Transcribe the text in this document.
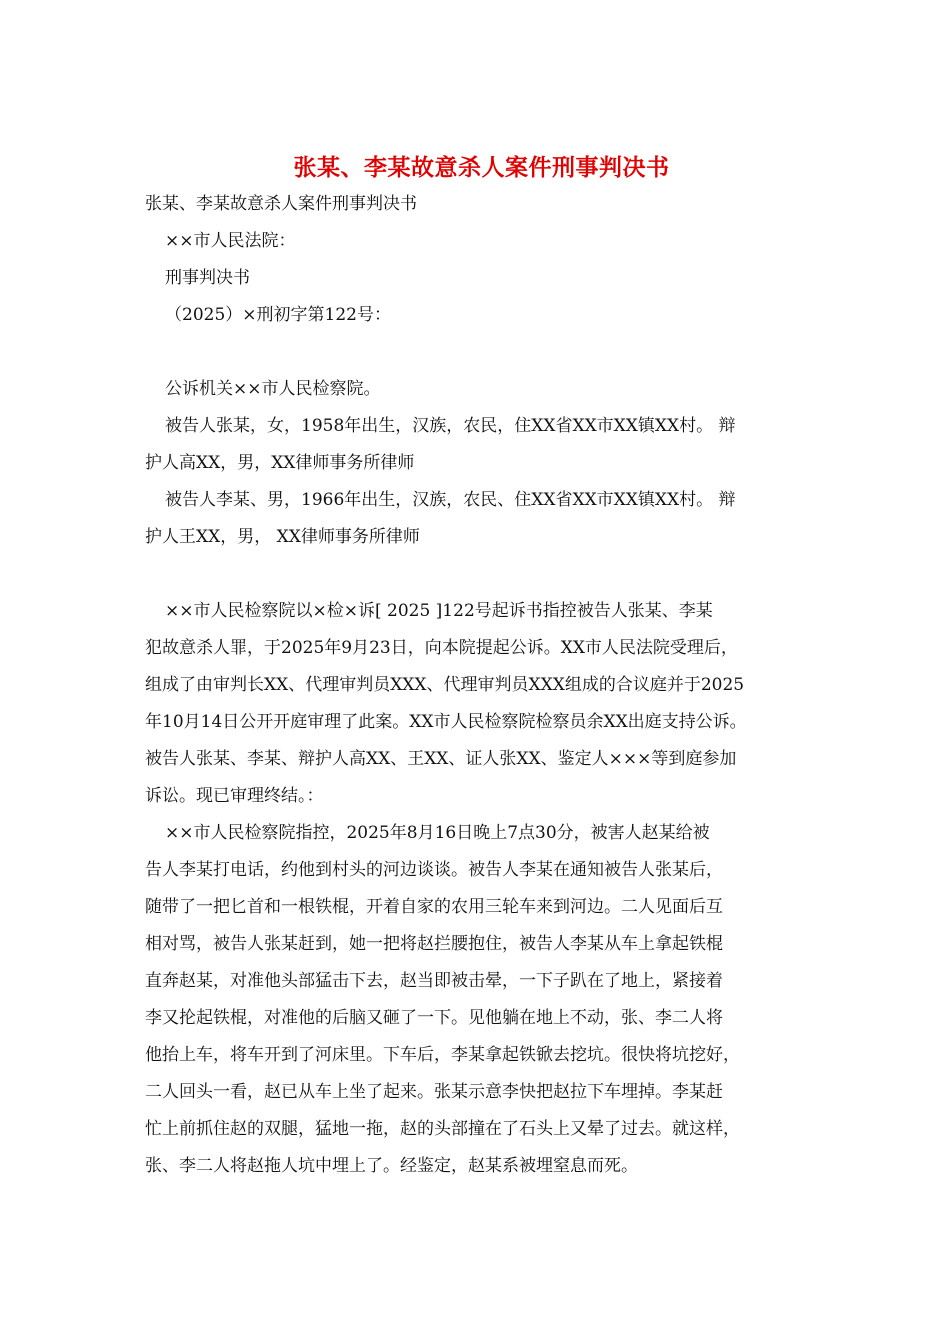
张某、李某故意杀人案件刑事判决书

张某、李某故意杀人案件刑事判决书

××市人民法院：

刑事判决书

（2025）×刑初字第122号：

公诉机关××市人民检察院。

被告人张某，女，1958年出生，汉族，农民，住XX省XX市XX镇XX村。 辩

护人高XX，男，XX律师事务所律师

被告人李某、男，1966年出生，汉族，农民、住XX省XX市XX镇XX村。 辩

护人王XX，男， XX律师事务所律师

××市人民检察院以×检×诉[ 2025 ]122号起诉书指控被告人张某、李某

犯故意杀人罪，于2025年9月23日，向本院提起公诉。XX市人民法院受理后，

组成了由审判长XX、代理审判员XXX、代理审判员XXX组成的合议庭并于2025

年10月14日公开开庭审理了此案。XX市人民检察院检察员余XX出庭支持公诉。

被告人张某、李某、辩护人高XX、王XX、证人张XX、鉴定人×××等到庭参加

诉讼。现已审理终结。：

××市人民检察院指控，2025年8月16日晚上7点30分，被害人赵某给被

告人李某打电话，约他到村头的河边谈谈。被告人李某在通知被告人张某后，

随带了一把匕首和一根铁棍，开着自家的农用三轮车来到河边。二人见面后互

相对骂，被告人张某赶到，她一把将赵拦腰抱住，被告人李某从车上拿起铁棍

直奔赵某，对准他头部猛击下去，赵当即被击晕，一下子趴在了地上，紧接着

李又抡起铁棍，对准他的后脑又砸了一下。见他躺在地上不动，张、李二人将

他抬上车，将车开到了河床里。下车后，李某拿起铁锨去挖坑。很快将坑挖好，

二人回头一看，赵已从车上坐了起来。张某示意李快把赵拉下车埋掉。李某赶

忙上前抓住赵的双腿，猛地一拖，赵的头部撞在了石头上又晕了过去。就这样，

张、李二人将赵拖人坑中埋上了。经鉴定，赵某系被埋窒息而死。
